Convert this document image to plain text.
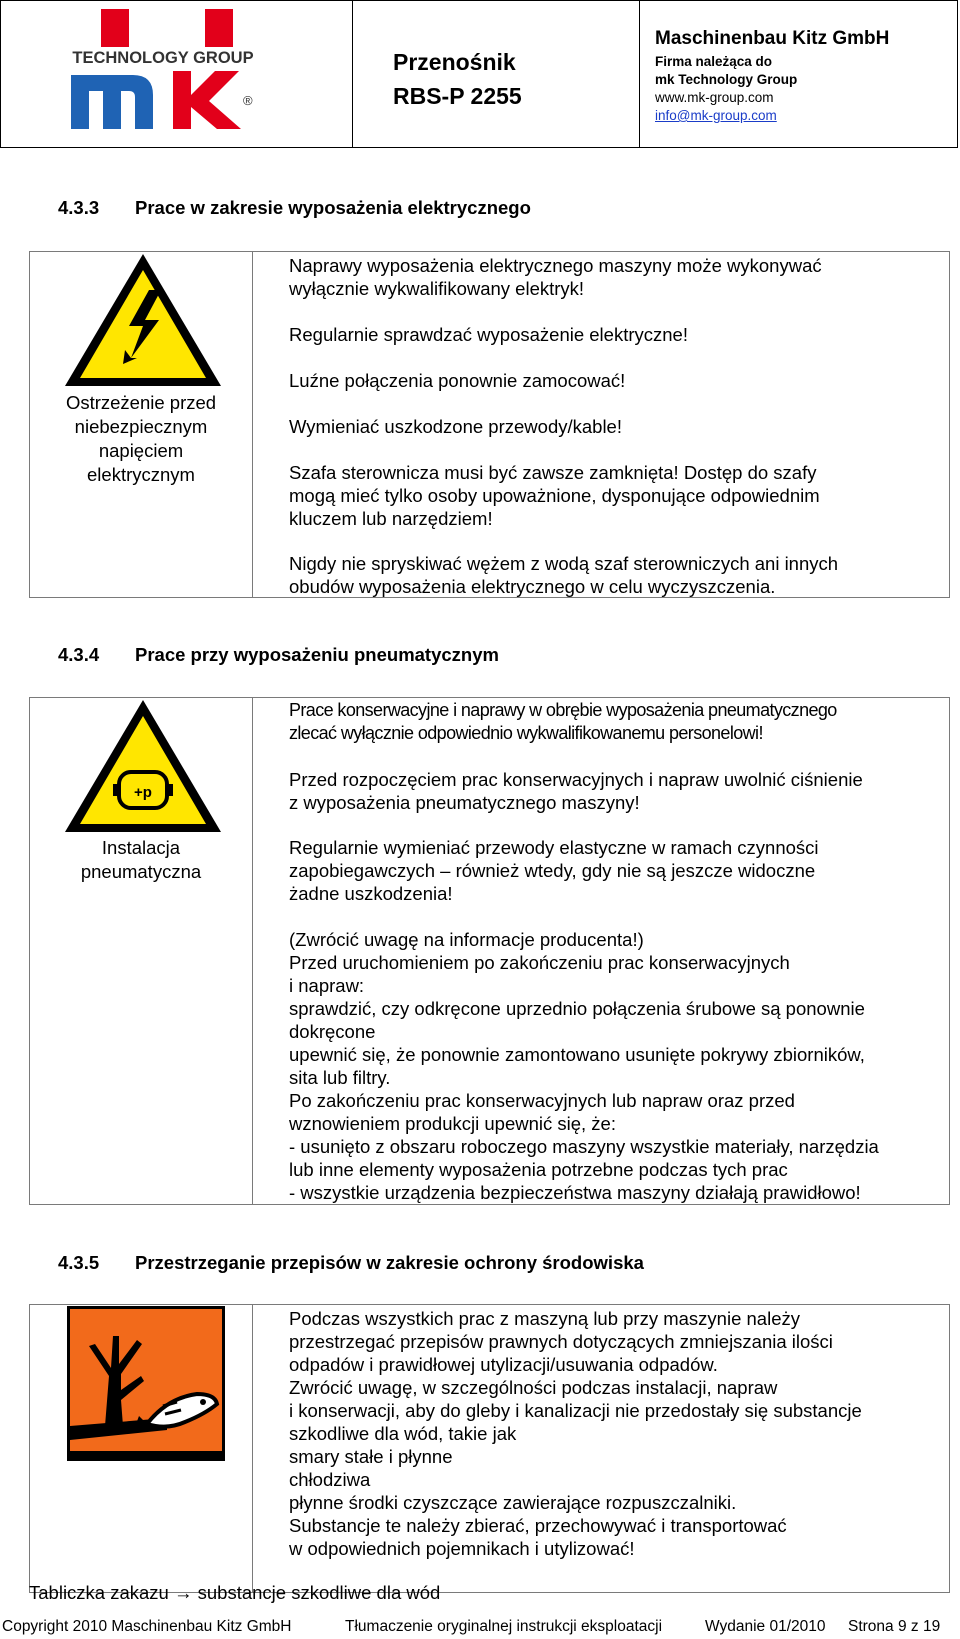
TECHNOLOGY GROUP
®
Przenośnik
RBS-P 2255
Maschinenbau Kitz GmbH
Firma należąca do
mk Technology Group
www.mk-group.com
info@mk-group.com
4.3.3 Prace w zakresie wyposażenia elektrycznego
Ostrzeżenie przed
niebezpiecznym
napięciem
elektrycznym

Naprawy wyposażenia elektrycznego maszyny może wykonywać
wyłącznie wykwalifikowany elektryk!

Regularnie sprawdzać wyposażenie elektryczne!

Luźne połączenia ponownie zamocować!

Wymieniać uszkodzone przewody/kable!

Szafa sterownicza musi być zawsze zamknięta! Dostęp do szafy
mogą mieć tylko osoby upoważnione, dysponujące odpowiednim
kluczem lub narzędziem!

Nigdy nie spryskiwać wężem z wodą szaf sterowniczych ani innych
obudów wyposażenia elektrycznego w celu wyczyszczenia.

4.3.4 Prace przy wyposażeniu pneumatycznym
+p
Instalacja
pneumatyczna

Prace konserwacyjne i naprawy w obrębie wyposażenia pneumatycznego
zlecać wyłącznie odpowiednio wykwalifikowanemu personelowi!

Przed rozpoczęciem prac konserwacyjnych i napraw uwolnić ciśnienie
z wyposażenia pneumatycznego maszyny!

Regularnie wymieniać przewody elastyczne w ramach czynności
zapobiegawczych – również wtedy, gdy nie są jeszcze widoczne
żadne uszkodzenia!

(Zwrócić uwagę na informacje producenta!)
Przed uruchomieniem po zakończeniu prac konserwacyjnych
i napraw:
sprawdzić, czy odkręcone uprzednio połączenia śrubowe są ponownie
dokręcone
upewnić się, że ponownie zamontowano usunięte pokrywy zbiorników,
sita lub filtry.
Po zakończeniu prac konserwacyjnych lub napraw oraz przed
wznowieniem produkcji upewnić się, że:
- usunięto z obszaru roboczego maszyny wszystkie materiały, narzędzia
lub inne elementy wyposażenia potrzebne podczas tych prac
- wszystkie urządzenia bezpieczeństwa maszyny działają prawidłowo!

4.3.5 Przestrzeganie przepisów w zakresie ochrony środowiska

Podczas wszystkich prac z maszyną lub przy maszynie należy
przestrzegać przepisów prawnych dotyczących zmniejszania ilości
odpadów i prawidłowej utylizacji/usuwania odpadów.
Zwrócić uwagę, w szczególności podczas instalacji, napraw
i konserwacji, aby do gleby i kanalizacji nie przedostały się substancje
szkodliwe dla wód, takie jak
smary stałe i płynne
chłodziwa
płynne środki czyszczące zawierające rozpuszczalniki.
Substancje te należy zbierać, przechowywać i transportować
w odpowiednich pojemnikach i utylizować!

Tabliczka zakazu → substancje szkodliwe dla wód
Copyright 2010 Maschinenbau Kitz GmbH	Tłumaczenie oryginalnej instrukcji eksploatacji	Wydanie 01/2010 Strona 9 z 19
